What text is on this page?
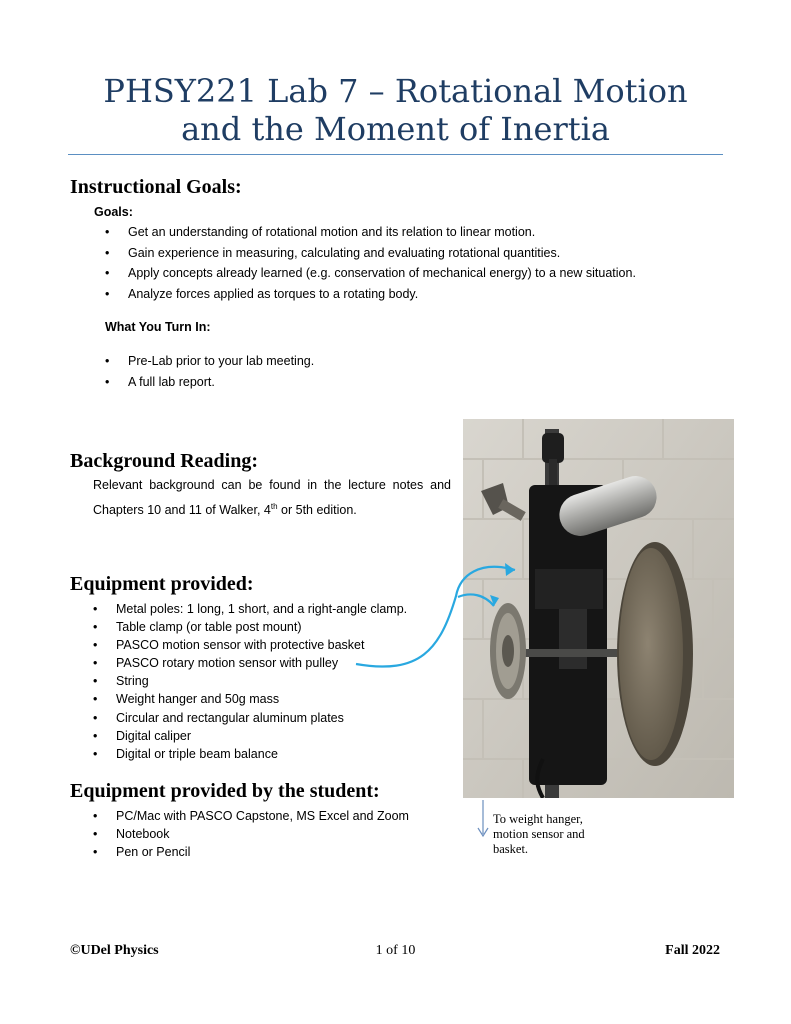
PHSY221 Lab 7 – Rotational Motion
and the Moment of Inertia
Instructional Goals:
Goals:
• Get an understanding of rotational motion and its relation to linear motion.
• Gain experience in measuring, calculating and evaluating rotational quantities.
• Apply concepts already learned (e.g. conservation of mechanical energy) to a new situation.
• Analyze forces applied as torques to a rotating body.
What You Turn In:
• Pre-Lab prior to your lab meeting.
• A full lab report.
Background Reading:
Relevant background can be found in the lecture notes and Chapters 10 and 11 of Walker, 4th or 5th edition.
Equipment provided:
• Metal poles: 1 long, 1 short, and a right-angle clamp.
• Table clamp (or table post mount)
• PASCO motion sensor with protective basket
• PASCO rotary motion sensor with pulley
• String
• Weight hanger and 50g mass
• Circular and rectangular aluminum plates
• Digital caliper
• Digital or triple beam balance
Equipment provided by the student:
• PC/Mac with PASCO Capstone, MS Excel and Zoom
• Notebook
• Pen or Pencil
To weight hanger,
motion sensor and
basket.
©UDel Physics	1 of 10	Fall 2022
